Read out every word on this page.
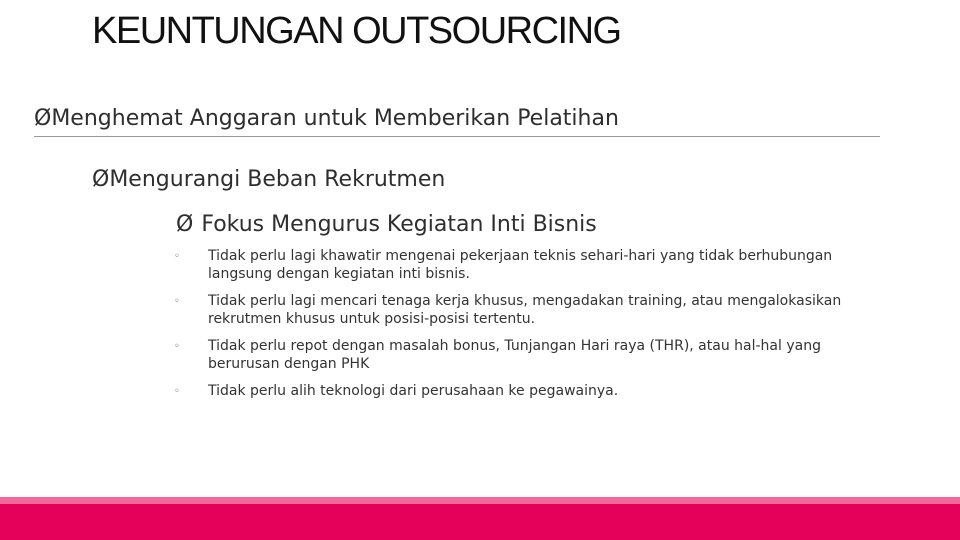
KEUNTUNGAN OUTSOURCING
Ø Menghemat Anggaran untuk Memberikan Pelatihan
Ø Mengurangi Beban Rekrutmen
Ø Fokus Mengurus Kegiatan Inti Bisnis
◦	Tidak perlu lagi khawatir mengenai pekerjaan teknis sehari-hari yang tidak berhubungan langsung dengan kegiatan inti bisnis.
◦	Tidak perlu lagi mencari tenaga kerja khusus, mengadakan training, atau mengalokasikan rekrutmen khusus untuk posisi-posisi tertentu.
◦	Tidak perlu repot dengan masalah bonus, Tunjangan Hari raya (THR), atau hal-hal yang berurusan dengan PHK
◦	Tidak perlu alih teknologi dari perusahaan ke pegawainya.
